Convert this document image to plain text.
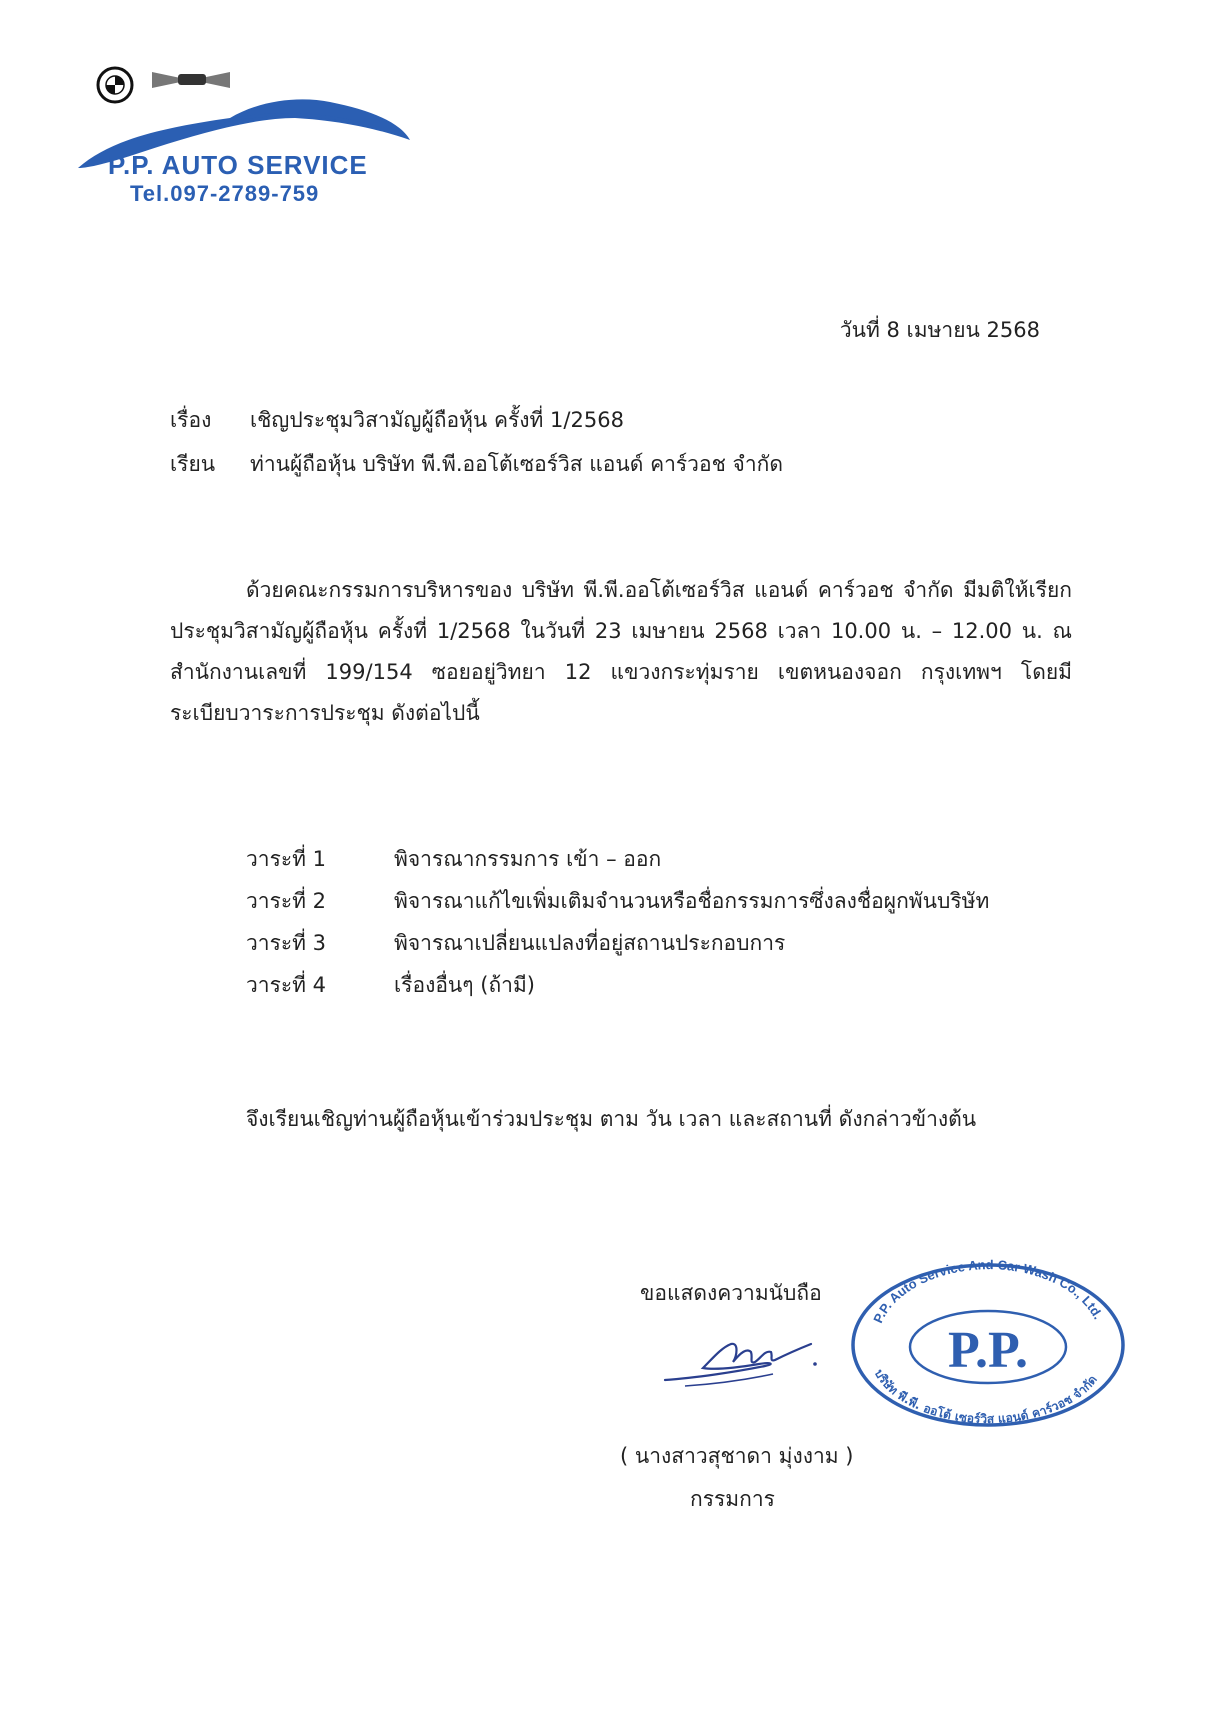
P.P. AUTO SERVICE
Tel.097-2789-759
วันที่ 8 เมษายน 2568
เรื่อง เชิญประชุมวิสามัญผู้ถือหุ้น ครั้งที่ 1/2568
เรียน ท่านผู้ถือหุ้น บริษัท พี.พี.ออโต้เซอร์วิส แอนด์ คาร์วอช จำกัด
ด้วยคณะกรรมการบริหารของ บริษัท พี.พี.ออโต้เซอร์วิส แอนด์ คาร์วอช จำกัด มีมติให้เรียกประชุมวิสามัญผู้ถือหุ้น ครั้งที่ 1/2568 ในวันที่ 23 เมษายน 2568 เวลา 10.00 น. – 12.00 น. ณ สำนักงานเลขที่ 199/154 ซอยอยู่วิทยา 12 แขวงกระทุ่มราย เขตหนองจอก กรุงเทพฯ โดยมีระเบียบวาระการประชุม ดังต่อไปนี้
วาระที่ 1	พิจารณากรรมการ เข้า – ออก
วาระที่ 2	พิจารณาแก้ไขเพิ่มเติมจำนวนหรือชื่อกรรมการซึ่งลงชื่อผูกพันบริษัท
วาระที่ 3	พิจารณาเปลี่ยนแปลงที่อยู่สถานประกอบการ
วาระที่ 4	เรื่องอื่นๆ (ถ้ามี)
จึงเรียนเชิญท่านผู้ถือหุ้นเข้าร่วมประชุม ตาม วัน เวลา และสถานที่ ดังกล่าวข้างต้น
ขอแสดงความนับถือ
( นางสาวสุชาดา มุ่งงาม )
กรรมการ
P.P. Auto Service And Car Wash Co., Ltd.
P.P.
บริษัท พี.พี. ออโต้ เซอร์วิส แอนด์ คาร์วอช จำกัด
